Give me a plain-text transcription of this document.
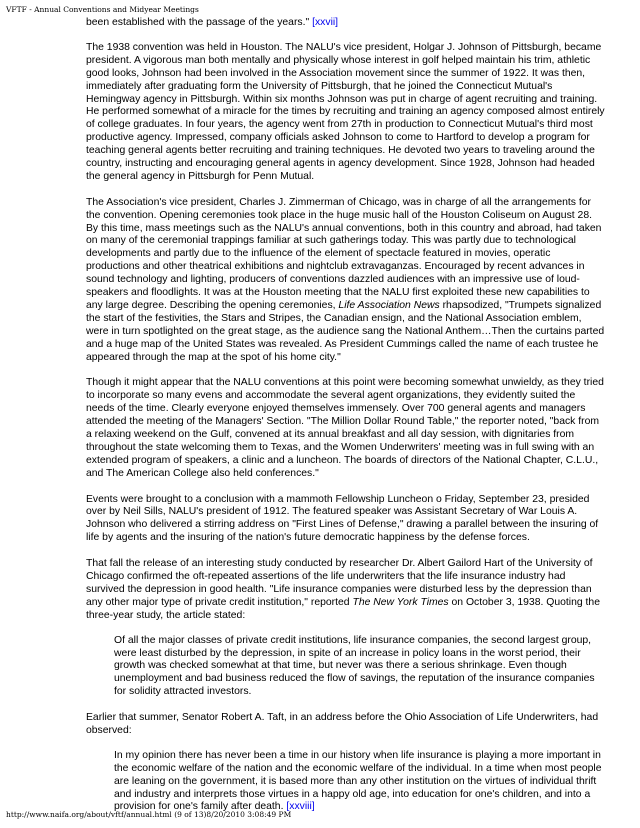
VFTF - Annual Conventions and Midyear Meetings

been established with the passage of the years." [xxvii]

The 1938 convention was held in Houston. The NALU's vice president, Holgar J. Johnson of Pittsburgh, became president. A vigorous man both mentally and physically whose interest in golf helped maintain his trim, athletic good looks, Johnson had been involved in the Association movement since the summer of 1922. It was then, immediately after graduating form the University of Pittsburgh, that he joined the Connecticut Mutual's Hemingway agency in Pittsburgh. Within six months Johnson was put in charge of agent recruiting and training. He performed somewhat of a miracle for the times by recruiting and training an agency composed almost entirely of college graduates. In four years, the agency went from 27th in production to Connecticut Mutual's third most productive agency. Impressed, company officials asked Johnson to come to Hartford to develop a program for teaching general agents better recruiting and training techniques. He devoted two years to traveling around the country, instructing and encouraging general agents in agency development. Since 1928, Johnson had headed the general agency in Pittsburgh for Penn Mutual.

The Association's vice president, Charles J. Zimmerman of Chicago, was in charge of all the arrangements for the convention. Opening ceremonies took place in the huge music hall of the Houston Coliseum on August 28. By this time, mass meetings such as the NALU's annual conventions, both in this country and abroad, had taken on many of the ceremonial trappings familiar at such gatherings today. This was partly due to technological developments and partly due to the influence of the element of spectacle featured in movies, operatic productions and other theatrical exhibitions and nightclub extravaganzas. Encouraged by recent advances in sound technology and lighting, producers of conventions dazzled audiences with an impressive use of loud-speakers and floodlights. It was at the Houston meeting that the NALU first exploited these new capabilities to any large degree. Describing the opening ceremonies, Life Association News rhapsodized, "Trumpets signalized the start of the festivities, the Stars and Stripes, the Canadian ensign, and the National Association emblem, were in turn spotlighted on the great stage, as the audience sang the National Anthem…Then the curtains parted and a huge map of the United States was revealed. As President Cummings called the name of each trustee he appeared through the map at the spot of his home city."

Though it might appear that the NALU conventions at this point were becoming somewhat unwieldy, as they tried to incorporate so many evens and accommodate the several agent organizations, they evidently suited the needs of the time. Clearly everyone enjoyed themselves immensely. Over 700 general agents and managers attended the meeting of the Managers' Section. "The Million Dollar Round Table," the reporter noted, "back from a relaxing weekend on the Gulf, convened at its annual breakfast and all day session, with dignitaries from throughout the state welcoming them to Texas, and the Women Underwriters' meeting was in full swing with an extended program of speakers, a clinic and a luncheon. The boards of directors of the National Chapter, C.L.U., and The American College also held conferences."

Events were brought to a conclusion with a mammoth Fellowship Luncheon o Friday, September 23, presided over by Neil Sills, NALU's president of 1912. The featured speaker was Assistant Secretary of War Louis A. Johnson who delivered a stirring address on "First Lines of Defense," drawing a parallel between the insuring of life by agents and the insuring of the nation's future democratic happiness by the defense forces.

That fall the release of an interesting study conducted by researcher Dr. Albert Gailord Hart of the University of Chicago confirmed the oft-repeated assertions of the life underwriters that the life insurance industry had survived the depression in good health. "Life insurance companies were disturbed less by the depression than any other major type of private credit institution," reported The New York Times on October 3, 1938. Quoting the three-year study, the article stated:

Of all the major classes of private credit institutions, life insurance companies, the second largest group, were least disturbed by the depression, in spite of an increase in policy loans in the worst period, their growth was checked somewhat at that time, but never was there a serious shrinkage. Even though unemployment and bad business reduced the flow of savings, the reputation of the insurance companies for solidity attracted investors.

Earlier that summer, Senator Robert A. Taft, in an address before the Ohio Association of Life Underwriters, had observed:

In my opinion there has never been a time in our history when life insurance is playing a more important in the economic welfare of the nation and the economic welfare of the individual. In a time when most people are leaning on the government, it is based more than any other institution on the virtues of individual thrift and industry and interprets those virtues in a happy old age, into education for one's children, and into a provision for one's family after death. [xxviii]
http://www.naifa.org/about/vftf/annual.html (9 of 13)8/20/2010 3:08:49 PM
